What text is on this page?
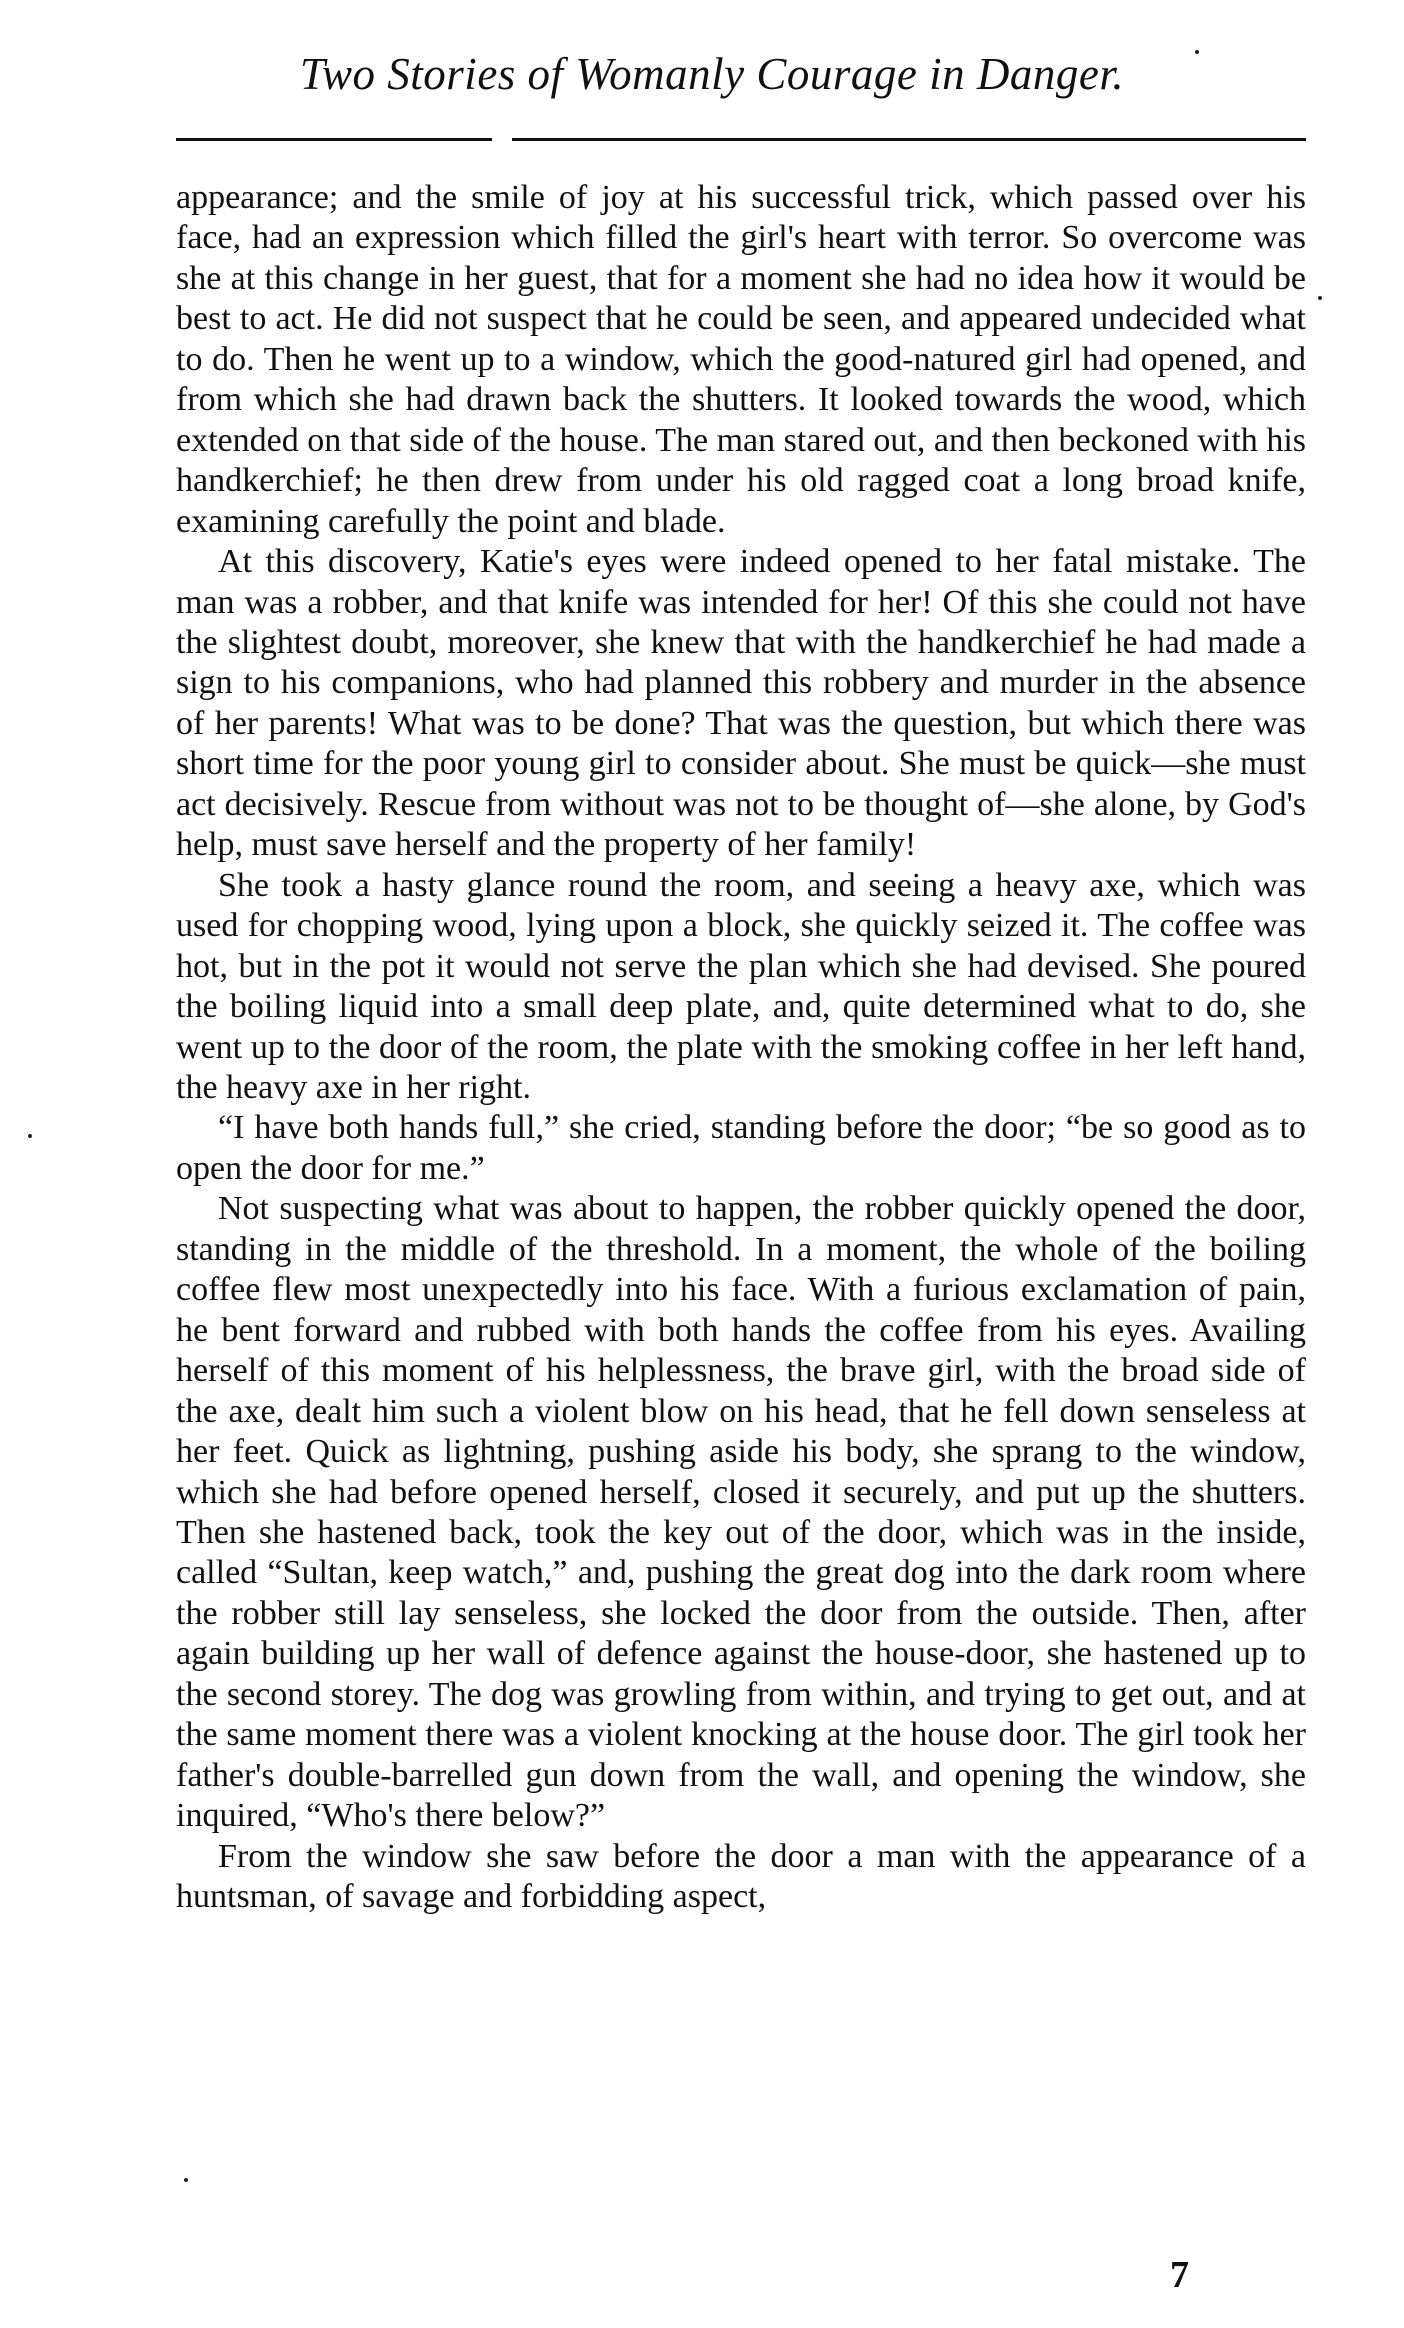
Two Stories of Womanly Courage in Danger.

appearance; and the smile of joy at his successful trick, which passed over his face, had an expression which filled the girl's heart with terror. So overcome was she at this change in her guest, that for a moment she had no idea how it would be best to act. He did not suspect that he could be seen, and appeared undecided what to do. Then he went up to a window, which the good-natured girl had opened, and from which she had drawn back the shutters. It looked towards the wood, which extended on that side of the house. The man stared out, and then beckoned with his handkerchief; he then drew from under his old ragged coat a long broad knife, examining carefully the point and blade.

At this discovery, Katie's eyes were indeed opened to her fatal mistake. The man was a robber, and that knife was intended for her! Of this she could not have the slightest doubt, moreover, she knew that with the handkerchief he had made a sign to his companions, who had planned this robbery and murder in the absence of her parents! What was to be done? That was the question, but which there was short time for the poor young girl to consider about. She must be quick—she must act decisively. Rescue from without was not to be thought of—she alone, by God's help, must save herself and the property of her family!

She took a hasty glance round the room, and seeing a heavy axe, which was used for chopping wood, lying upon a block, she quickly seized it. The coffee was hot, but in the pot it would not serve the plan which she had devised. She poured the boiling liquid into a small deep plate, and, quite determined what to do, she went up to the door of the room, the plate with the smoking coffee in her left hand, the heavy axe in her right.

“I have both hands full,” she cried, standing before the door; “be so good as to open the door for me.”

Not suspecting what was about to happen, the robber quickly opened the door, standing in the middle of the threshold. In a moment, the whole of the boiling coffee flew most unexpectedly into his face. With a furious exclamation of pain, he bent forward and rubbed with both hands the coffee from his eyes. Availing herself of this moment of his helplessness, the brave girl, with the broad side of the axe, dealt him such a violent blow on his head, that he fell down senseless at her feet. Quick as lightning, pushing aside his body, she sprang to the window, which she had before opened herself, closed it securely, and put up the shutters. Then she hastened back, took the key out of the door, which was in the inside, called “Sultan, keep watch,” and, pushing the great dog into the dark room where the robber still lay senseless, she locked the door from the outside. Then, after again building up her wall of defence against the house-door, she hastened up to the second storey. The dog was growling from within, and trying to get out, and at the same moment there was a violent knocking at the house door. The girl took her father's double-barrelled gun down from the wall, and opening the window, she inquired, “Who's there below?”

From the window she saw before the door a man with the appearance of a huntsman, of savage and forbidding aspect,

7
